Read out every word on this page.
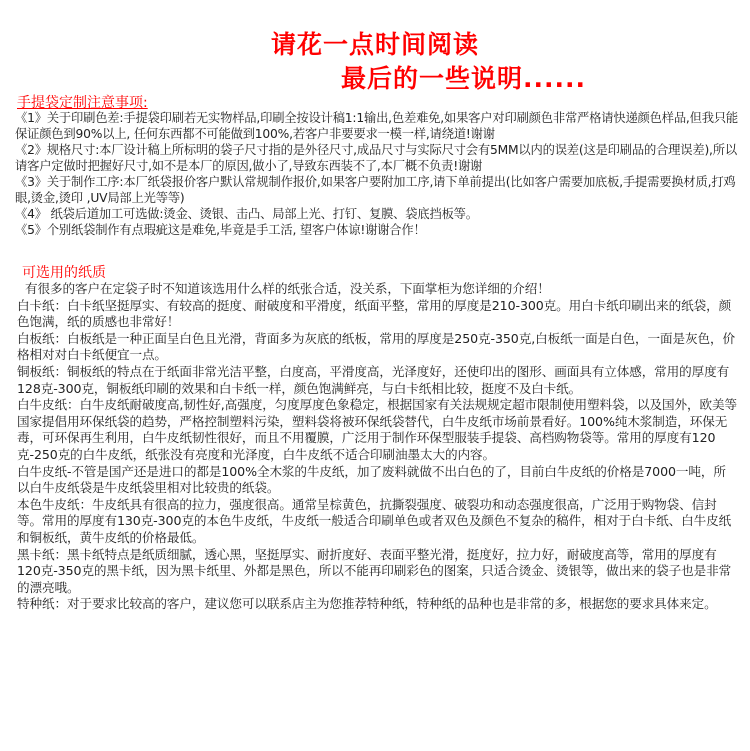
请花一点时间阅读
最后的一些说明......
手提袋定制注意事项:
《1》关于印刷色差:手提袋印刷若无实物样品,印刷全按设计稿1:1输出,色差难免,如果客户对印刷颜色非常严格请快递颜色样品,但我只能保证颜色到90%以上, 任何东西都不可能做到100%,若客户非要要求一模一样,请绕道!谢谢
《2》规格尺寸:本厂设计稿上所标明的袋子尺寸指的是外径尺寸,成品尺寸与实际尺寸会有5MM以内的误差(这是印刷品的合理误差),所以请客户定做时把握好尺寸,如不是本厂的原因,做小了,导致东西装不了,本厂概不负责!谢谢
《3》关于制作工序:本厂纸袋报价客户默认常规制作报价,如果客户要附加工序,请下单前提出(比如客户需要加底板,手提需要换材质,打鸡眼,烫金,烫印 ,UV局部上光等等)
《4》 纸袋后道加工可选做:烫金、烫银、击凸、局部上光、打钉、复膜、袋底挡板等。
《5》个别纸袋制作有点瑕疵这是难免,毕竟是手工活, 望客户体谅!谢谢合作！
可选用的纸质

有很多的客户在定袋子时不知道该选用什么样的纸张合适，没关系，下面掌柜为您详细的介绍！

白卡纸：白卡纸坚挺厚实、有较高的挺度、耐破度和平滑度，纸面平整，常用的厚度是210-300克。用白卡纸印刷出来的纸袋，颜色饱满，纸的质感也非常好！

白板纸：白板纸是一种正面呈白色且光滑，背面多为灰底的纸板，常用的厚度是250克-350克,白板纸一面是白色，一面是灰色，价格相对对白卡纸便宜一点。

铜板纸：铜板纸的特点在于纸面非常光洁平整，白度高，平滑度高，光泽度好，还使印出的图形、画面具有立体感，常用的厚度有128克-300克，铜板纸印刷的效果和白卡纸一样，颜色饱满鲜亮，与白卡纸相比较，挺度不及白卡纸。

白牛皮纸：白牛皮纸耐破度高,韧性好,高强度，匀度厚度色象稳定，根据国家有关法规规定超市限制使用塑料袋，以及国外，欧美等国家提倡用环保纸袋的趋势，严格控制塑料污染，塑料袋将被环保纸袋替代，白牛皮纸市场前景看好。100%纯木浆制造，环保无毒，可环保再生利用，白牛皮纸韧性很好，而且不用覆膜，广泛用于制作环保型服装手提袋、高档购物袋等。常用的厚度有120克-250克的白牛皮纸，纸张没有亮度和光泽度，白牛皮纸不适合印刷油墨太大的内容。

白牛皮纸-不管是国产还是进口的都是100%全木浆的牛皮纸，加了废料就做不出白色的了，目前白牛皮纸的价格是7000一吨，所以白牛皮纸袋是牛皮纸袋里相对比较贵的纸袋。

本色牛皮纸：牛皮纸具有很高的拉力，强度很高。通常呈棕黄色，抗撕裂强度、破裂功和动态强度很高，广泛用于购物袋、信封等。常用的厚度有130克-300克的本色牛皮纸，牛皮纸一般适合印刷单色或者双色及颜色不复杂的稿件，相对于白卡纸、白牛皮纸和铜板纸，黄牛皮纸的价格最低。

黑卡纸：黑卡纸特点是纸质细腻，透心黑，坚挺厚实、耐折度好、表面平整光滑，挺度好，拉力好，耐破度高等，常用的厚度有120克-350克的黑卡纸，因为黑卡纸里、外都是黑色，所以不能再印刷彩色的图案，只适合烫金、烫银等，做出来的袋子也是非常的漂亮哦。

特种纸：对于要求比较高的客户，建议您可以联系店主为您推荐特种纸，特种纸的品种也是非常的多，根据您的要求具体来定。
